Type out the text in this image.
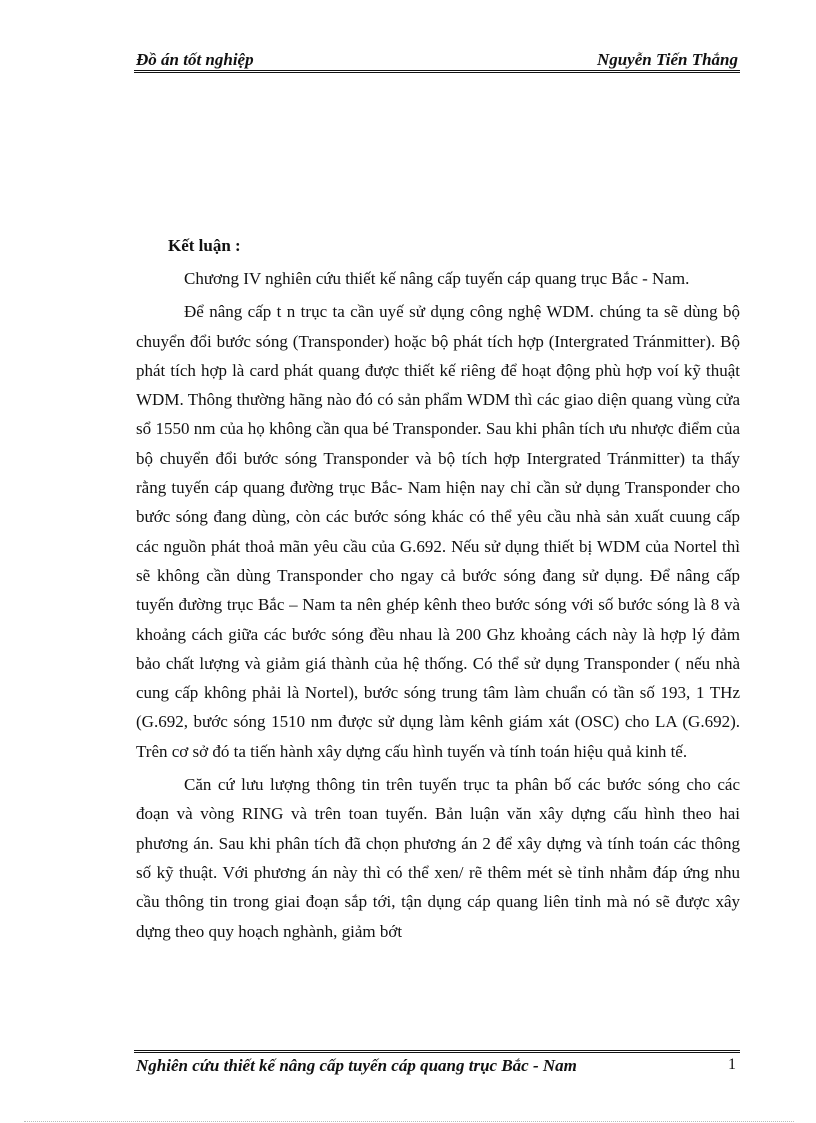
Đồ án tốt nghiệp	Nguyễn Tiến Thắng

Kết luận :

Chương IV nghiên cứu thiết kế nâng cấp tuyến cáp quang trục Bắc - Nam.

Để nâng cấp t n trục ta cần uyế sử dụng công nghệ WDM. chúng ta sẽ dùng bộ chuyển đổi bước sóng (Transponder) hoặc bộ phát tích hợp (Intergrated Tránmitter). Bộ phát tích hợp là card phát quang được thiết kế riêng để hoạt động phù hợp voí kỹ thuật WDM. Thông thường hãng nào đó có sản phẩm WDM thì các giao diện quang vùng cửa sổ 1550 nm của họ không cần qua bé Transponder. Sau khi phân tích ưu nhược điểm của bộ chuyển đổi bước sóng Transponder và bộ tích hợp Intergrated Tránmitter) ta thấy rằng tuyến cáp quang đường trục Bắc- Nam hiện nay chỉ cần sử dụng Transponder cho bước sóng đang dùng, còn các bước sóng khác có thể yêu cầu nhà sản xuất cuung cấp các nguồn phát thoả mãn yêu cầu của G.692. Nếu sử dụng thiết bị WDM của Nortel thì sẽ không cần dùng Transponder cho ngay cả bước sóng đang sử dụng. Để nâng cấp tuyến đường trục Bắc – Nam ta nên ghép kênh theo bước sóng với số bước sóng là 8 và khoảng cách giữa các bước sóng đều nhau là 200 Ghz khoảng cách này là hợp lý đảm bảo chất lượng và giảm giá thành của hệ thống. Có thể sử dụng Transponder ( nếu nhà cung cấp không phải là Nortel), bước sóng trung tâm làm chuẩn có tần số 193, 1 THz (G.692, bước sóng 1510 nm được sử dụng làm kênh giám xát (OSC) cho LA (G.692). Trên cơ sở đó ta tiến hành xây dựng cấu hình tuyến và tính toán hiệu quả kinh tế.

Căn cứ lưu lượng thông tin trên tuyến trục ta phân bố các bước sóng cho các đoạn và vòng RING và trên toan tuyến. Bản luận văn xây dựng cấu hình theo hai phương án. Sau khi phân tích đã chọn phương án 2 để xây dựng và tính toán các thông số kỹ thuật. Với phương án này thì có thể xen/ rẽ thêm mét sè tỉnh nhằm đáp ứng nhu cầu thông tin trong giai đoạn sắp tới, tận dụng cáp quang liên tỉnh mà nó sẽ được xây dựng theo quy hoạch nghành, giảm bớt

Nghiên cứu thiết kế nâng cấp tuyến cáp quang trục Bắc - Nam	1
